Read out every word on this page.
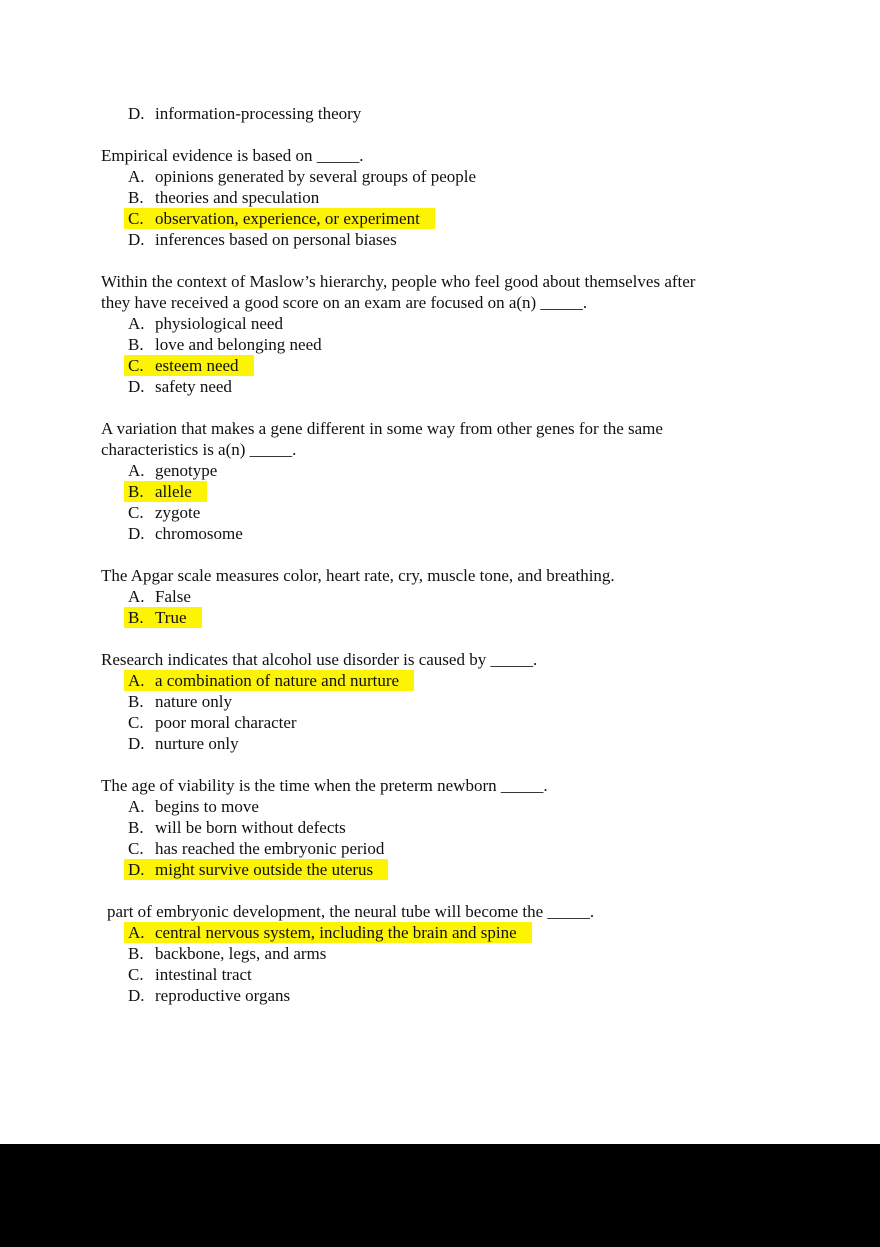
D. information-processing theory
Empirical evidence is based on _____.
A. opinions generated by several groups of people
B. theories and speculation
C. observation, experience, or experiment
D. inferences based on personal biases
Within the context of Maslow’s hierarchy, people who feel good about themselves after they have received a good score on an exam are focused on a(n) _____.
A. physiological need
B. love and belonging need
C. esteem need
D. safety need
A variation that makes a gene different in some way from other genes for the same characteristics is a(n) _____.
A. genotype
B. allele
C. zygote
D. chromosome
The Apgar scale measures color, heart rate, cry, muscle tone, and breathing.
A. False
B. True
Research indicates that alcohol use disorder is caused by _____.
A. a combination of nature and nurture
B. nature only
C. poor moral character
D. nurture only
The age of viability is the time when the preterm newborn _____.
A. begins to move
B. will be born without defects
C. has reached the embryonic period
D. might survive outside the uterus
part of embryonic development, the neural tube will become the _____.
A. central nervous system, including the brain and spine
B. backbone, legs, and arms
C. intestinal tract
D. reproductive organs
